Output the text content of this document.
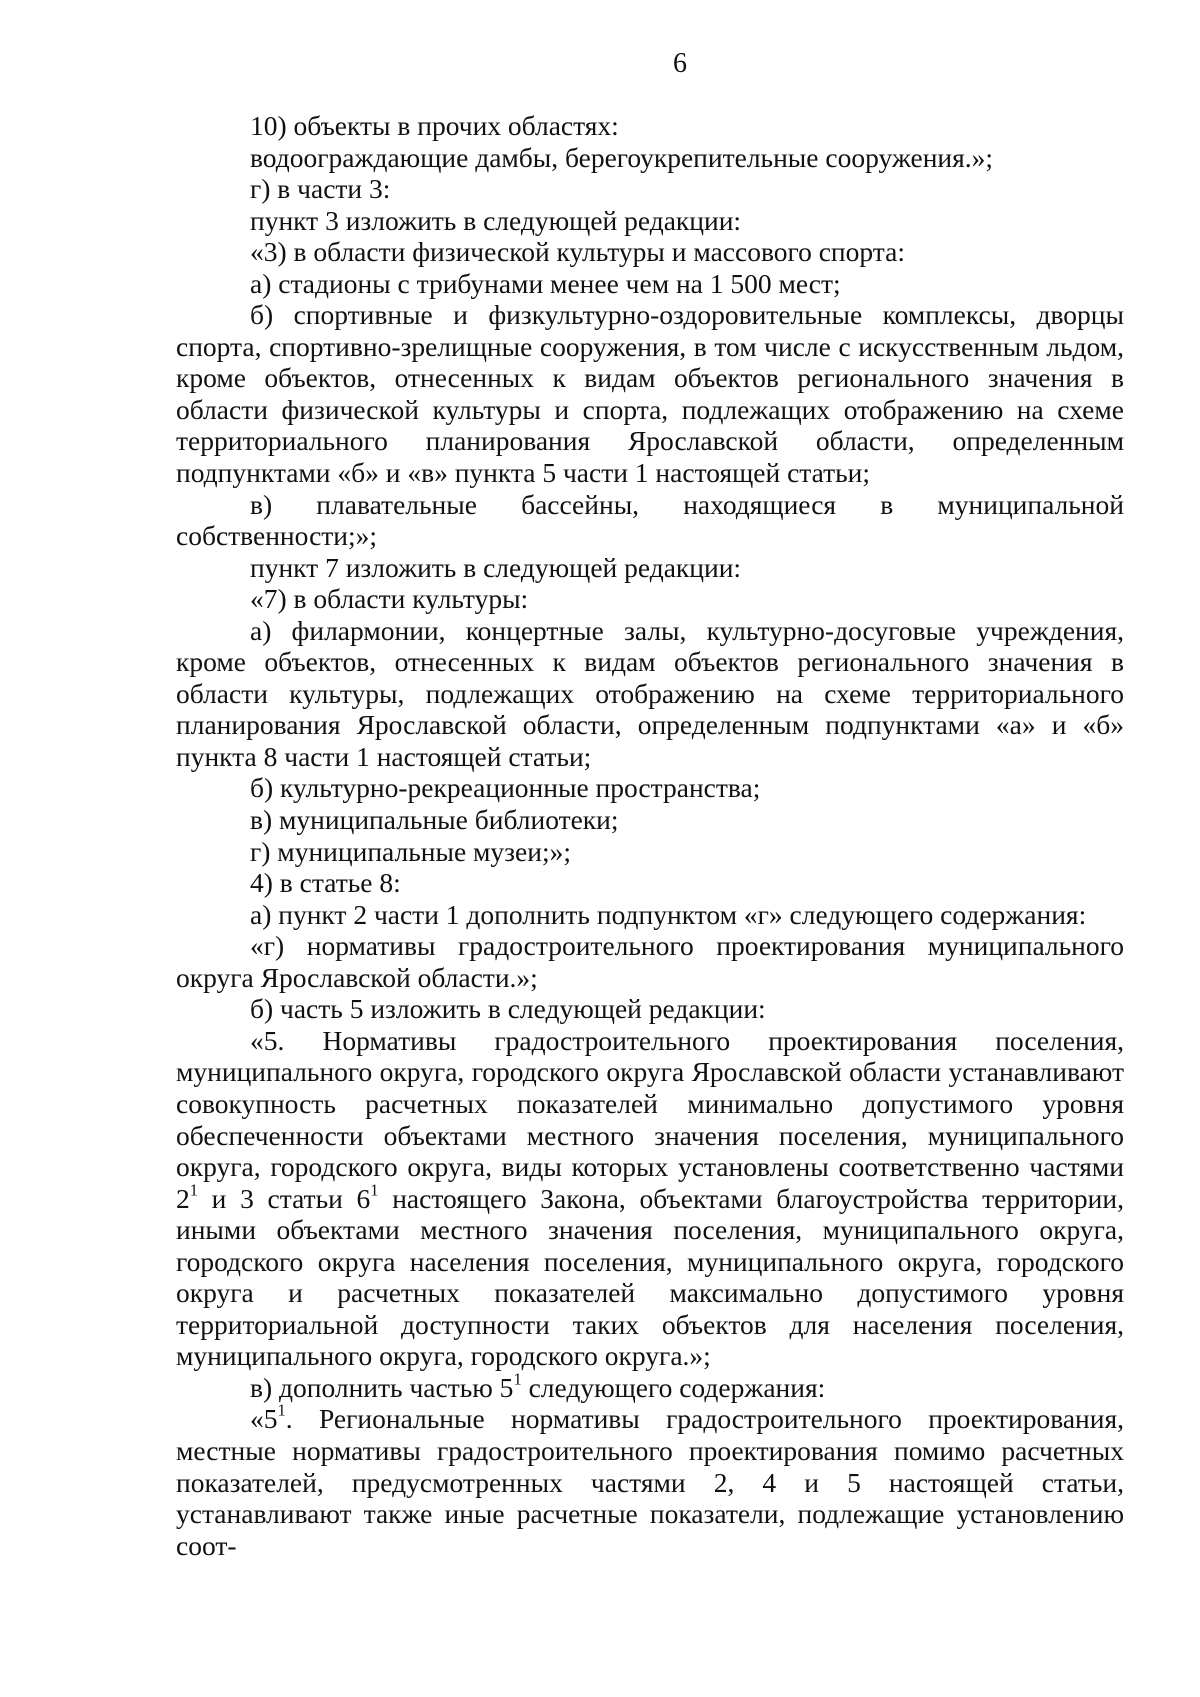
6

10) объекты в прочих областях:

водоограждающие дамбы, берегоукрепительные сооружения.»;

г) в части 3:

пункт 3 изложить в следующей редакции:

«3) в области физической культуры и массового спорта:

а) стадионы с трибунами менее чем на 1 500 мест;

б) спортивные и физкультурно-оздоровительные комплексы, дворцы спорта, спортивно-зрелищные сооружения, в том числе с искусственным льдом, кроме объектов, отнесенных к видам объектов регионального значения в области физической культуры и спорта, подлежащих отображению на схеме территориального планирования Ярославской области, определенным подпунктами «б» и «в» пункта 5 части 1 настоящей статьи;

в) плавательные бассейны, находящиеся в муниципальной собственности;»;

пункт 7 изложить в следующей редакции:

«7) в области культуры:

а) филармонии, концертные залы, культурно-досуговые учреждения, кроме объектов, отнесенных к видам объектов регионального значения в области культуры, подлежащих отображению на схеме территориального планирования Ярославской области, определенным подпунктами «а» и «б» пункта 8 части 1 настоящей статьи;

б) культурно-рекреационные пространства;

в) муниципальные библиотеки;

г) муниципальные музеи;»;

4) в статье 8:

а) пункт 2 части 1 дополнить подпунктом «г» следующего содержания:

«г) нормативы градостроительного проектирования муниципального округа Ярославской области.»;

б) часть 5 изложить в следующей редакции:

«5. Нормативы градостроительного проектирования поселения, муниципального округа, городского округа Ярославской области устанавливают совокупность расчетных показателей минимально допустимого уровня обеспеченности объектами местного значения поселения, муниципального округа, городского округа, виды которых установлены соответственно частями $2^1$ и 3 статьи $6^1$ настоящего Закона, объектами благоустройства территории, иными объектами местного значения поселения, муниципального округа, городского округа населения поселения, муниципального округа, городского округа и расчетных показателей максимально допустимого уровня территориальной доступности таких объектов для населения поселения, муниципального округа, городского округа.»;

в) дополнить частью $5^1$ следующего содержания:

«$5^1$. Региональные нормативы градостроительного проектирования, местные нормативы градостроительного проектирования помимо расчетных показателей, предусмотренных частями 2, 4 и 5 настоящей статьи, устанавливают также иные расчетные показатели, подлежащие установлению соот-
